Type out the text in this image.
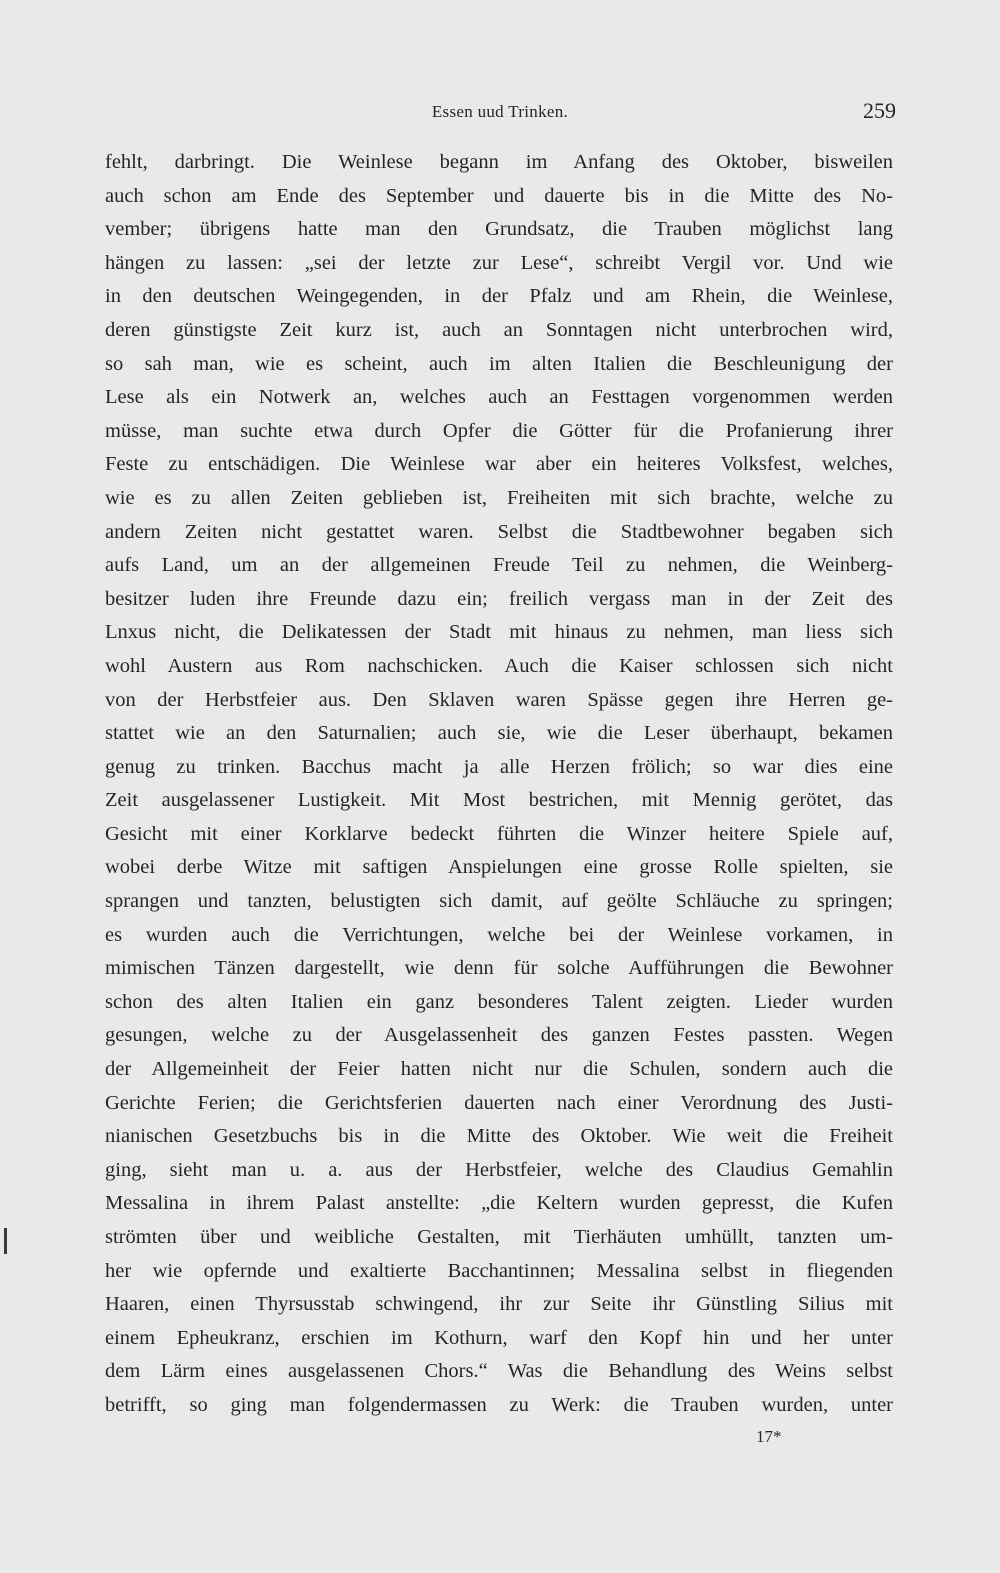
Essen uud Trinken.	259
fehlt, darbringt. Die Weinlese begann im Anfang des Oktober, bisweilen
auch schon am Ende des September und dauerte bis in die Mitte des No-
vember; übrigens hatte man den Grundsatz, die Trauben möglichst lang
hängen zu lassen: „sei der letzte zur Lese“, schreibt Vergil vor. Und wie
in den deutschen Weingegenden, in der Pfalz und am Rhein, die Weinlese,
deren günstigste Zeit kurz ist, auch an Sonntagen nicht unterbrochen wird,
so sah man, wie es scheint, auch im alten Italien die Beschleunigung der
Lese als ein Notwerk an, welches auch an Festtagen vorgenommen werden
müsse, man suchte etwa durch Opfer die Götter für die Profanierung ihrer
Feste zu entschädigen. Die Weinlese war aber ein heiteres Volksfest, welches,
wie es zu allen Zeiten geblieben ist, Freiheiten mit sich brachte, welche zu
andern Zeiten nicht gestattet waren. Selbst die Stadtbewohner begaben sich
aufs Land, um an der allgemeinen Freude Teil zu nehmen, die Weinberg-
besitzer luden ihre Freunde dazu ein; freilich vergass man in der Zeit des
Lnxus nicht, die Delikatessen der Stadt mit hinaus zu nehmen, man liess sich
wohl Austern aus Rom nachschicken. Auch die Kaiser schlossen sich nicht
von der Herbstfeier aus. Den Sklaven waren Spässe gegen ihre Herren ge-
stattet wie an den Saturnalien; auch sie, wie die Leser überhaupt, bekamen
genug zu trinken. Bacchus macht ja alle Herzen frölich; so war dies eine
Zeit ausgelassener Lustigkeit. Mit Most bestrichen, mit Mennig gerötet, das
Gesicht mit einer Korklarve bedeckt führten die Winzer heitere Spiele auf,
wobei derbe Witze mit saftigen Anspielungen eine grosse Rolle spielten, sie
sprangen und tanzten, belustigten sich damit, auf geölte Schläuche zu springen;
es wurden auch die Verrichtungen, welche bei der Weinlese vorkamen, in
mimischen Tänzen dargestellt, wie denn für solche Aufführungen die Bewohner
schon des alten Italien ein ganz besonderes Talent zeigten. Lieder wurden
gesungen, welche zu der Ausgelassenheit des ganzen Festes passten. Wegen
der Allgemeinheit der Feier hatten nicht nur die Schulen, sondern auch die
Gerichte Ferien; die Gerichtsferien dauerten nach einer Verordnung des Justi-
nianischen Gesetzbuchs bis in die Mitte des Oktober. Wie weit die Freiheit
ging, sieht man u. a. aus der Herbstfeier, welche des Claudius Gemahlin
Messalina in ihrem Palast anstellte: „die Keltern wurden gepresst, die Kufen
strömten über und weibliche Gestalten, mit Tierhäuten umhüllt, tanzten um-
her wie opfernde und exaltierte Bacchantinnen; Messalina selbst in fliegenden
Haaren, einen Thyrsusstab schwingend, ihr zur Seite ihr Günstling Silius mit
einem Epheukranz, erschien im Kothurn, warf den Kopf hin und her unter
dem Lärm eines ausgelassenen Chors.“ Was die Behandlung des Weins selbst
betrifft, so ging man folgendermassen zu Werk: die Trauben wurden, unter
17*
